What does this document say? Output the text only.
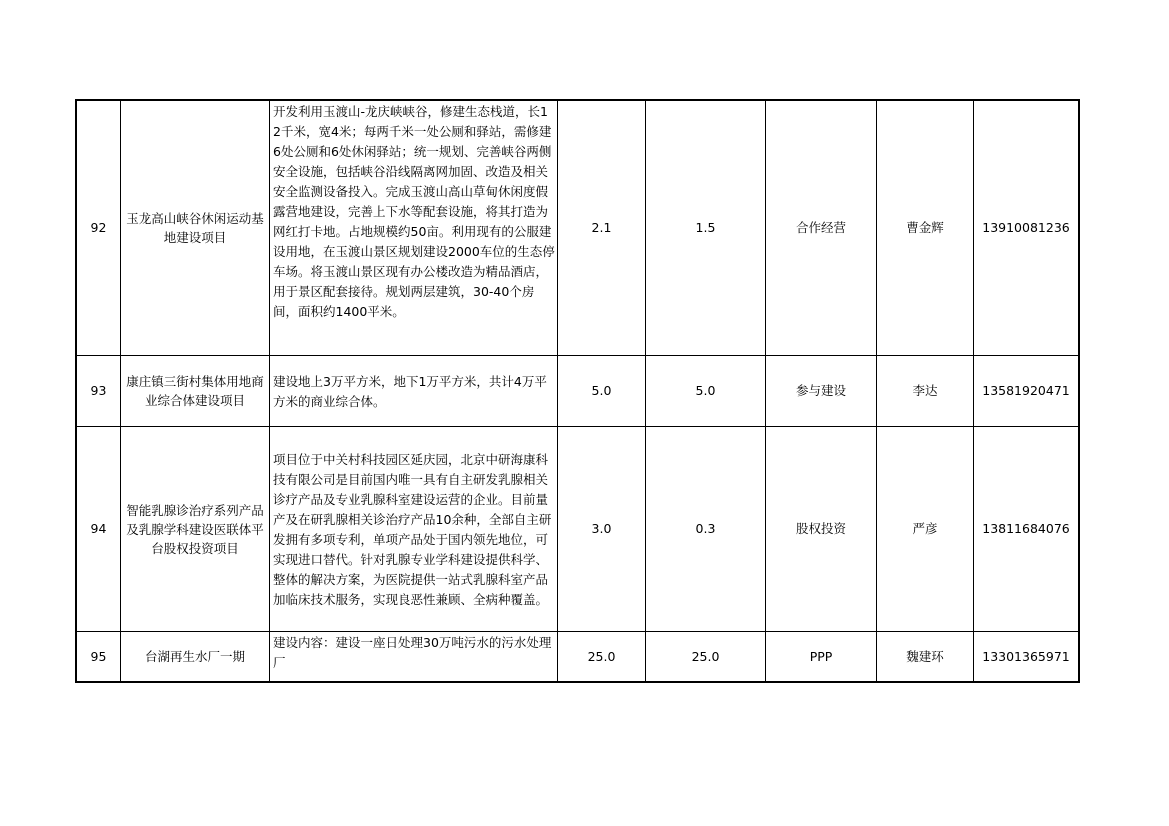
92	玉龙高山峡谷休闲运动基地建设项目	开发利用玉渡山-龙庆峡峡谷，修建生态栈道，长12千米，宽4米；每两千米一处公厕和驿站，需修建6处公厕和6处休闲驿站；统一规划、完善峡谷两侧安全设施，包括峡谷沿线隔离网加固、改造及相关安全监测设备投入。完成玉渡山高山草甸休闲度假露营地建设，完善上下水等配套设施，将其打造为网红打卡地。占地规模约50亩。利用现有的公服建设用地，在玉渡山景区规划建设2000车位的生态停车场。将玉渡山景区现有办公楼改造为精品酒店，用于景区配套接待。规划两层建筑，30-40个房间，面积约1400平米。	2.1	1.5	合作经营	曹金辉	13910081236
93	康庄镇三街村集体用地商业综合体建设项目	建设地上3万平方米，地下1万平方米，共计4万平方米的商业综合体。	5.0	5.0	参与建设	李达	13581920471
94	智能乳腺诊治疗系列产品及乳腺学科建设医联体平台股权投资项目	项目位于中关村科技园区延庆园，北京中研海康科技有限公司是目前国内唯一具有自主研发乳腺相关诊疗产品及专业乳腺科室建设运营的企业。目前量产及在研乳腺相关诊治疗产品10余种，全部自主研发拥有多项专利，单项产品处于国内领先地位，可实现进口替代。针对乳腺专业学科建设提供科学、整体的解决方案，为医院提供一站式乳腺科室产品加临床技术服务，实现良恶性兼顾、全病种覆盖。	3.0	0.3	股权投资	严彦	13811684076
95	台湖再生水厂一期	建设内容：建设一座日处理30万吨污水的污水处理厂	25.0	25.0	PPP	魏建环	13301365971
